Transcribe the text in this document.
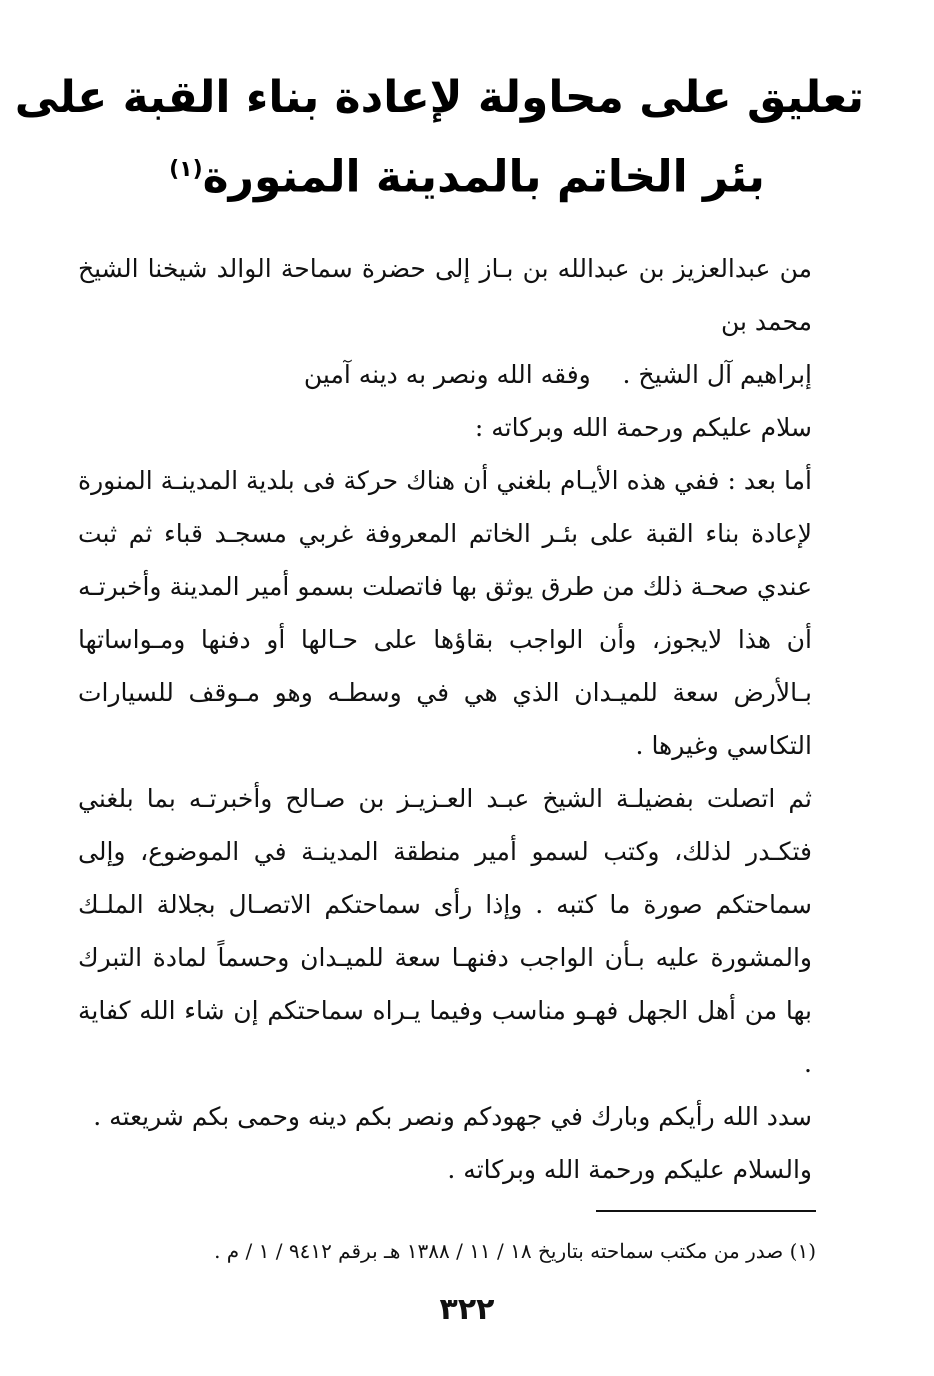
تعليق على محاولة لإعادة بناء القبة على
بئر الخاتم بالمدينة المنورة$^{(١)}$

من عبدالعزيز بن عبدالله بن بـاز إلى حضرة سماحة الوالد شيخنا الشيخ محمد بن
إبراهيم آل الشيخ .    وفقه الله ونصر به دينه آمين

سلام عليكم ورحمة الله وبركاته :

أما بعد : ففي هذه الأيـام بلغني أن هناك حركة فى بلدية المدينـة المنورة لإعادة بناء القبة على بئـر الخاتم المعروفة غربي مسجـد قباء ثم ثبت عندي صحـة ذلك من طرق يوثق بها فاتصلت بسمو أمير المدينة وأخبرتـه أن هذا لايجوز، وأن الواجب بقاؤها على حـالها أو دفنها ومـواساتها بـالأرض سعة للميـدان الذي هي في وسطـه وهو مـوقف للسيارات التكاسي وغيرها .

ثم اتصلت بفضيلـة الشيخ عبـد العـزيـز بن صـالح وأخبرتـه بما بلغني فتكـدر لذلك، وكتب لسمو أمير منطقة المدينـة في الموضوع، وإلى سماحتكم صورة ما كتبه . وإذا رأى سماحتكم الاتصـال بجلالة الملـك والمشورة عليه بـأن الواجب دفنهـا سعة للميـدان وحسماً لمادة التبرك بها من أهل الجهل فهـو مناسب وفيما يـراه سماحتكم إن شاء الله كفاية .

سدد الله رأيكم وبارك في جهودكم ونصر بكم دينه وحمى بكم شريعته .

والسلام عليكم ورحمة الله وبركاته .

(١) صدر من مكتب سماحته بتاريخ ١٨ / ١١ / ١٣٨٨ هـ برقم ٩٤١٢ / ١ / م .

٣٢٢
